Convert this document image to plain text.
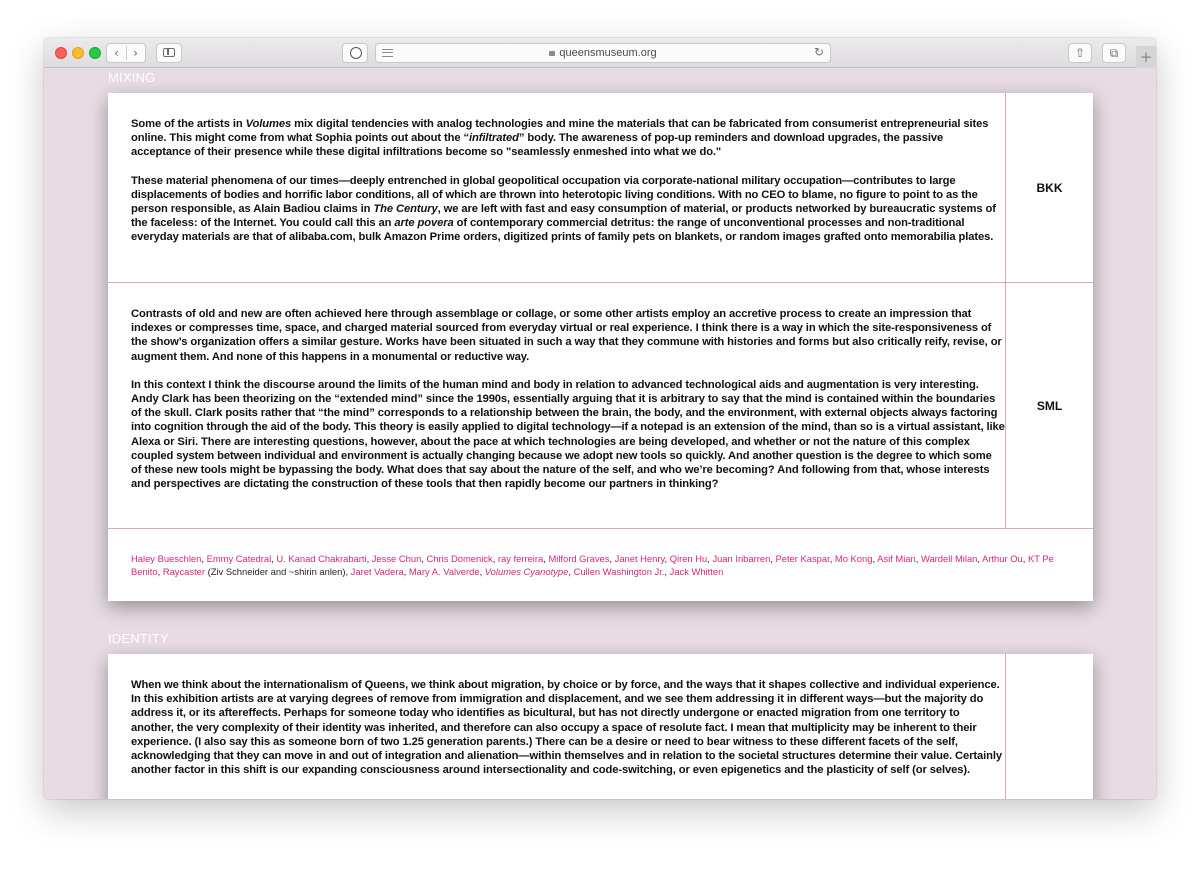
‹ ›	queensmuseum.org	↻	⇧	⧉	+
MIXING

Some of the artists in Volumes mix digital tendencies with analog technologies and mine the materials that can be fabricated from consumerist entrepreneurial sites online. This might come from what Sophia points out about the “infiltrated” body. The awareness of pop-up reminders and download upgrades, the passive acceptance of their presence while these digital infiltrations become so "seamlessly enmeshed into what we do."

These material phenomena of our times—deeply entrenched in global geopolitical occupation via corporate-national military occupation—contributes to large displacements of bodies and horrific labor conditions, all of which are thrown into heterotopic living conditions. With no CEO to blame, no figure to point to as the person responsible, as Alain Badiou claims in The Century, we are left with fast and easy consumption of material, or products networked by bureaucratic systems of the faceless: of the Internet. You could call this an arte povera of contemporary commercial detritus: the range of unconventional processes and non-traditional everyday materials are that of alibaba.com, bulk Amazon Prime orders, digitized prints of family pets on blankets, or random images grafted onto memorabilia plates.

BKK

Contrasts of old and new are often achieved here through assemblage or collage, or some other artists employ an accretive process to create an impression that indexes or compresses time, space, and charged material sourced from everyday virtual or real experience. I think there is a way in which the site-responsiveness of the show’s organization offers a similar gesture. Works have been situated in such a way that they commune with histories and forms but also critically reify, revise, or augment them. And none of this happens in a monumental or reductive way.

In this context I think the discourse around the limits of the human mind and body in relation to advanced technological aids and augmentation is very interesting. Andy Clark has been theorizing on the “extended mind” since the 1990s, essentially arguing that it is arbitrary to say that the mind is contained within the boundaries of the skull. Clark posits rather that “the mind” corresponds to a relationship between the brain, the body, and the environment, with external objects always factoring into cognition through the aid of the body. This theory is easily applied to digital technology—if a notepad is an extension of the mind, than so is a virtual assistant, like Alexa or Siri. There are interesting questions, however, about the pace at which technologies are being developed, and whether or not the nature of this complex coupled system between individual and environment is actually changing because we adopt new tools so quickly. And another question is the degree to which some of these new tools might be bypassing the body. What does that say about the nature of the self, and who we’re becoming? And following from that, whose interests and perspectives are dictating the construction of these tools that then rapidly become our partners in thinking?

SML
Haley Bueschlen, Emmy Catedral, U. Kanad Chakrabarti, Jesse Chun, Chris Domenick, ray ferreira, Milford Graves, Janet Henry, Qiren Hu, Juan Iribarren, Peter Kaspar, Mo Kong, Asif Mian, Wardell Milan, Arthur Ou, KT Pe Benito, Raycaster (Ziv Schneider and ~shirin anlen), Jaret Vadera, Mary A. Valverde, Volumes Cyanotype, Cullen Washington Jr., Jack Whitten
IDENTITY

When we think about the internationalism of Queens, we think about migration, by choice or by force, and the ways that it shapes collective and individual experience. In this exhibition artists are at varying degrees of remove from immigration and displacement, and we see them addressing it in different ways—but the majority do address it, or its aftereffects. Perhaps for someone today who identifies as bicultural, but has not directly undergone or enacted migration from one territory to another, the very complexity of their identity was inherited, and therefore can also occupy a space of resolute fact. I mean that multiplicity may be inherent to their experience. (I also say this as someone born of two 1.25 generation parents.) There can be a desire or need to bear witness to these different facets of the self, acknowledging that they can move in and out of integration and alienation—within themselves and in relation to the societal structures determine their value. Certainly another factor in this shift is our expanding consciousness around intersectionality and code-switching, or even epigenetics and the plasticity of self (or selves).
